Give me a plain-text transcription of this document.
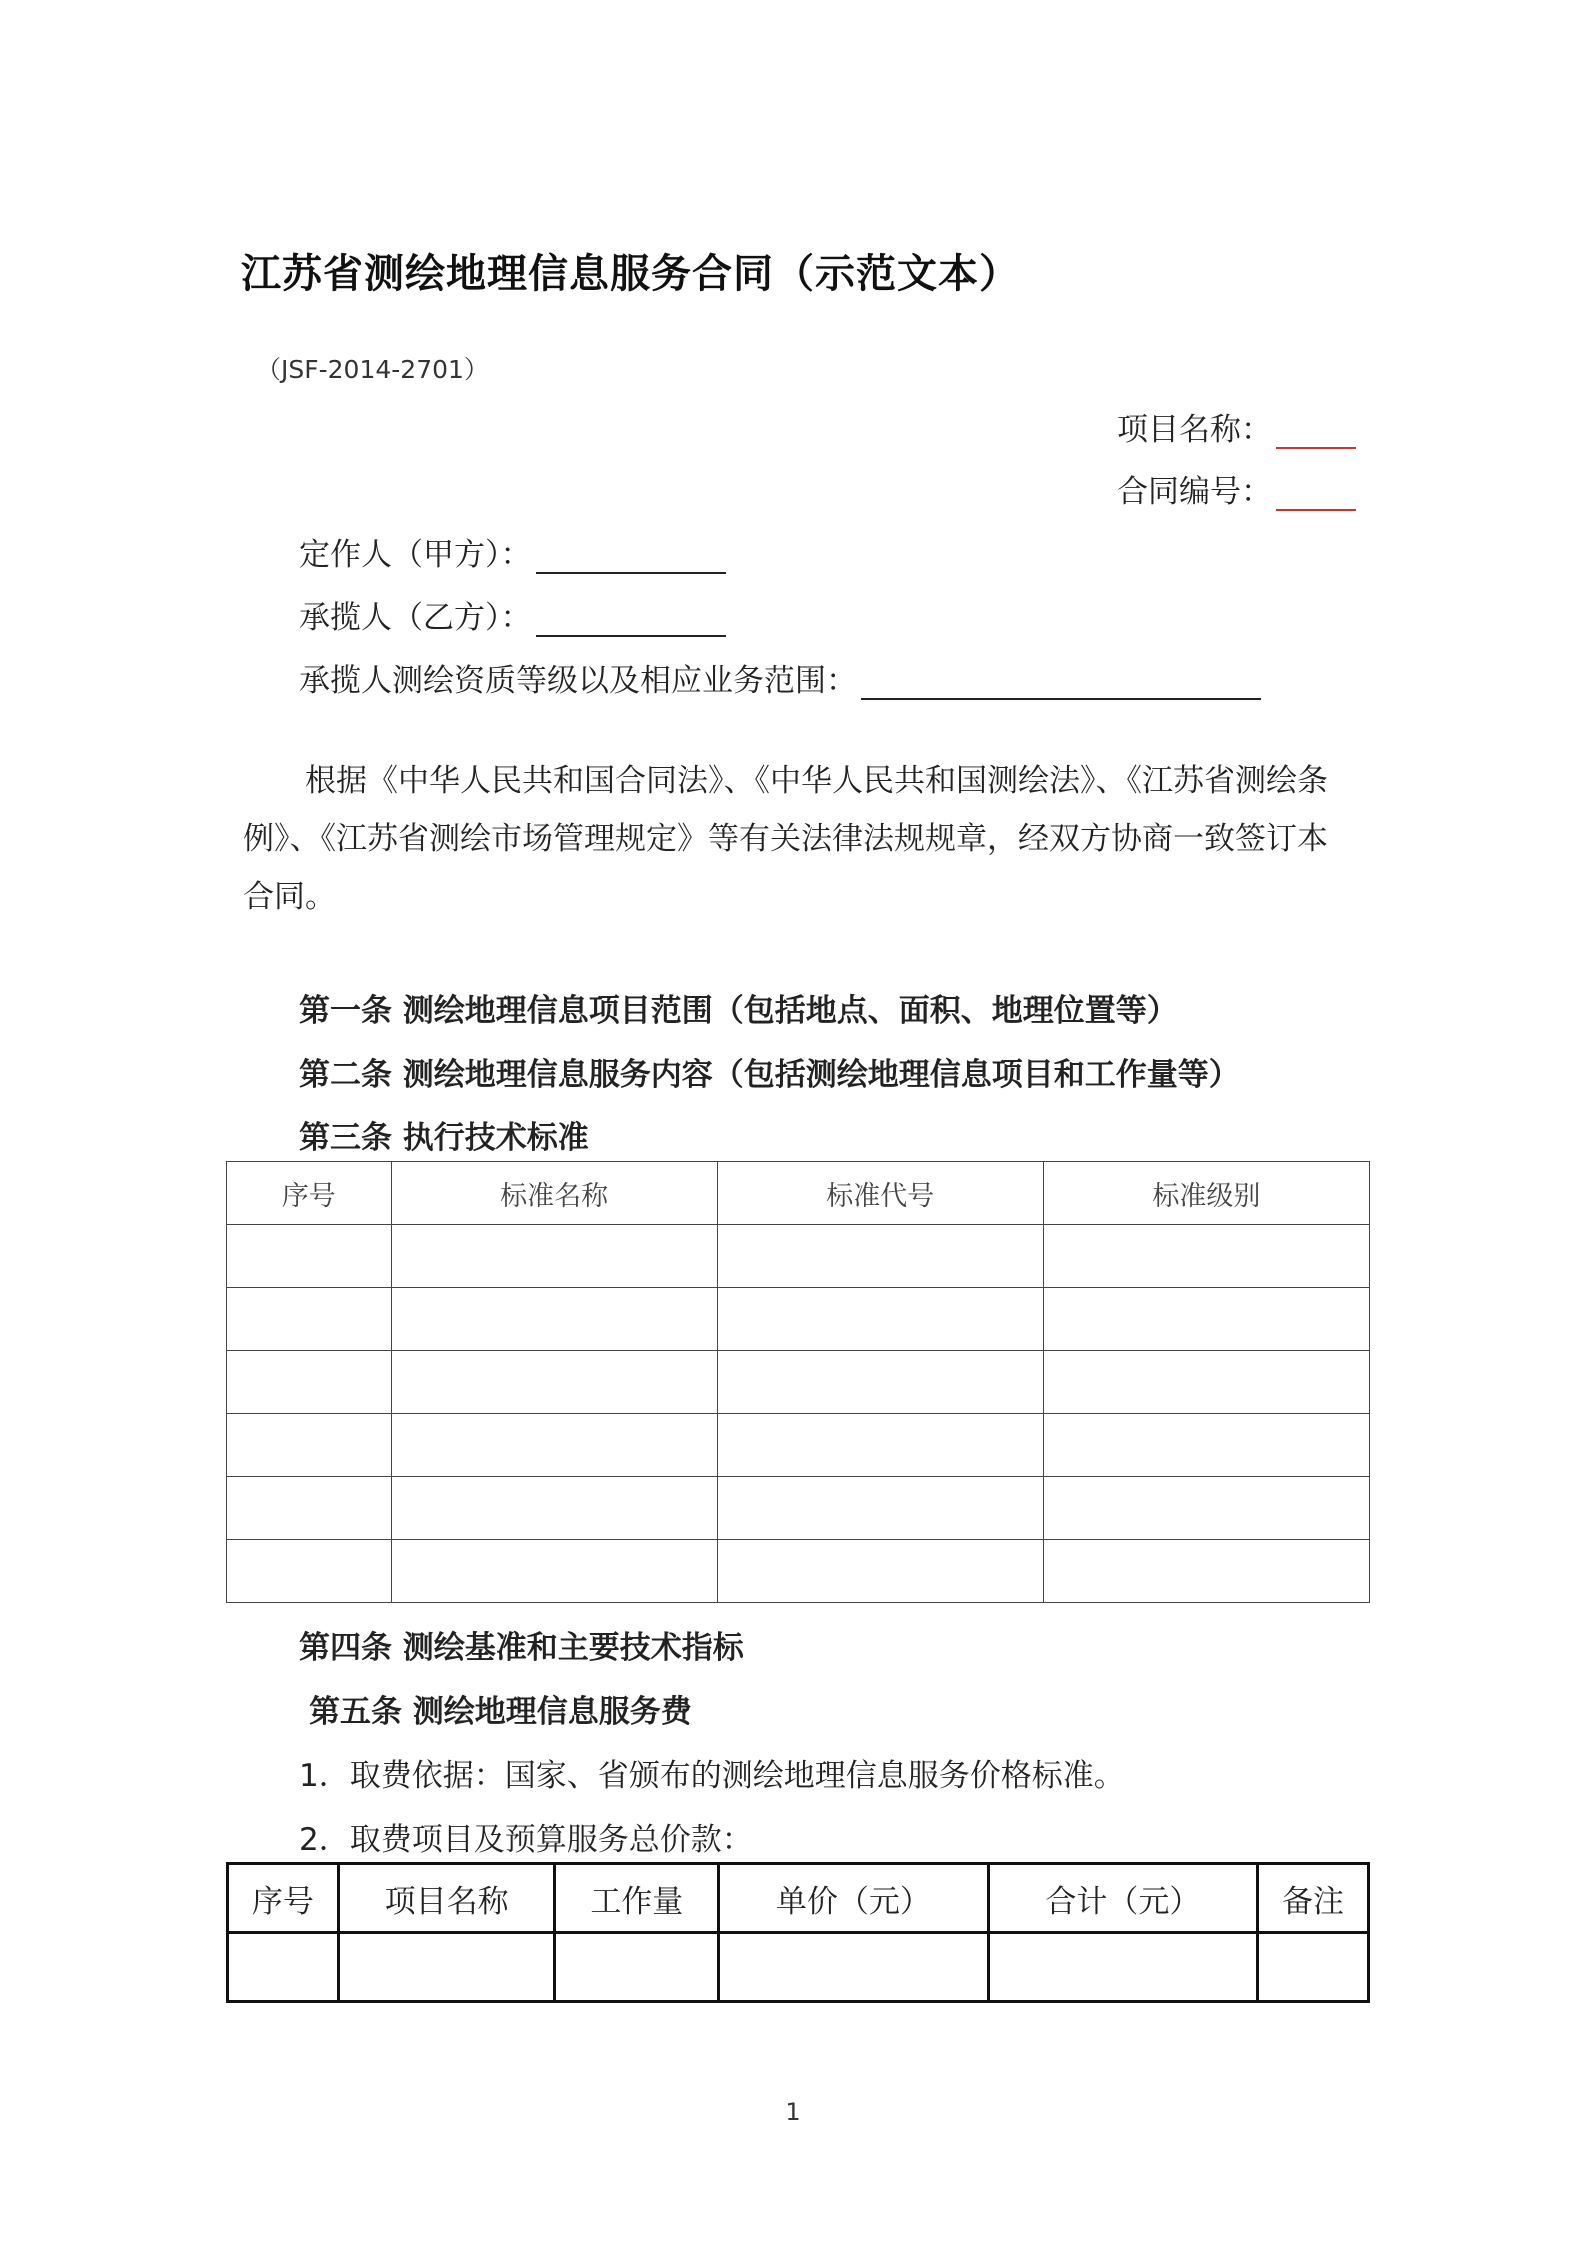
江苏省测绘地理信息服务合同（示范文本）
（JSF-2014-2701）
项目名称：
合同编号：
定作人（甲方）：
承揽人（乙方）：
承揽人测绘资质等级以及相应业务范围：
根据《中华人民共和国合同法》、《中华人民共和国测绘法》、《江苏省测绘条例》、《江苏省测绘市场管理规定》等有关法律法规规章，经双方协商一致签订本合同。
第一条 测绘地理信息项目范围（包括地点、面积、地理位置等）
第二条 测绘地理信息服务内容（包括测绘地理信息项目和工作量等）
第三条 执行技术标准
序号	标准名称	标准代号	标准级别

第四条 测绘基准和主要技术指标
第五条 测绘地理信息服务费
1．取费依据：国家、省颁布的测绘地理信息服务价格标准。
2．取费项目及预算服务总价款：
序号	项目名称	工作量	单价（元）	合计（元）	备注

1
